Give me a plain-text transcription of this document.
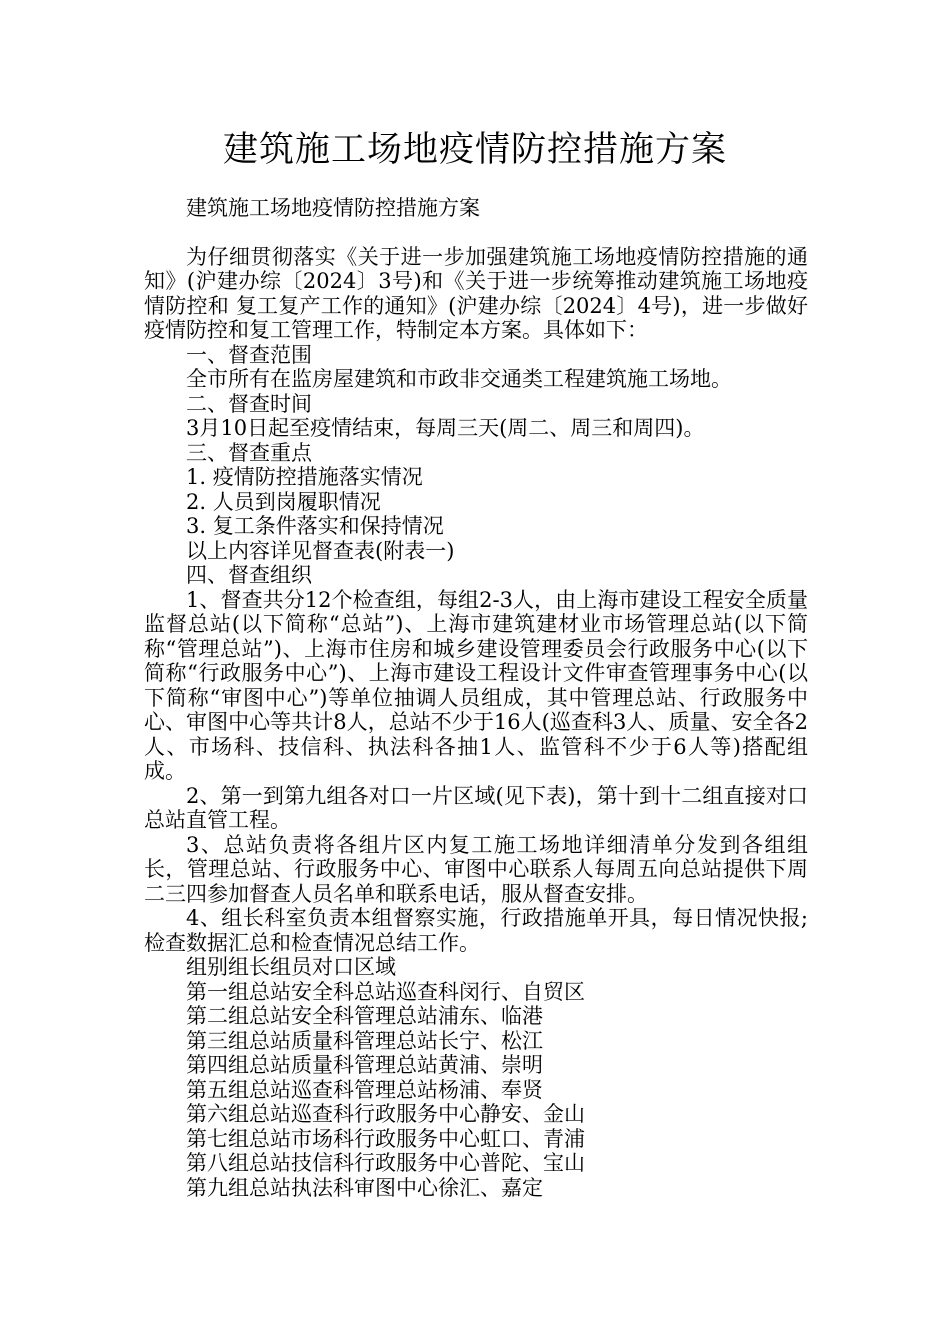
建筑施工场地疫情防控措施方案

建筑施工场地疫情防控措施方案

为仔细贯彻落实《关于进一步加强建筑施工场地疫情防控措施的通知》(沪建办综〔2024〕3号)和《关于进一步统筹推动建筑施工场地疫情防控和 复工复产工作的通知》(沪建办综〔2024〕4号)，进一步做好疫情防控和复工管理工作，特制定本方案。具体如下：

一、督查范围

全市所有在监房屋建筑和市政非交通类工程建筑施工场地。

二、督查时间

3月10日起至疫情结束，每周三天(周二、周三和周四)。

三、督查重点

1. 疫情防控措施落实情况

2. 人员到岗履职情况

3. 复工条件落实和保持情况

以上内容详见督查表(附表一)

四、督查组织

1、督查共分12个检查组，每组2-3人，由上海市建设工程安全质量监督总站(以下简称“总站”)、上海市建筑建材业市场管理总站(以下简称“管理总站”)、上海市住房和城乡建设管理委员会行政服务中心(以下简称“行政服务中心”)、上海市建设工程设计文件审查管理事务中心(以下简称“审图中心”)等单位抽调人员组成，其中管理总站、行政服务中心、审图中心等共计8人，总站不少于16人(巡查科3人、质量、安全各2人、市场科、技信科、执法科各抽1人、监管科不少于6人等)搭配组成。

2、第一到第九组各对口一片区域(见下表)，第十到十二组直接对口总站直管工程。

3、总站负责将各组片区内复工施工场地详细清单分发到各组组长，管理总站、行政服务中心、审图中心联系人每周五向总站提供下周二三四参加督查人员名单和联系电话，服从督查安排。

4、组长科室负责本组督察实施，行政措施单开具，每日情况快报;检查数据汇总和检查情况总结工作。

组别组长组员对口区域

第一组总站安全科总站巡查科闵行、自贸区

第二组总站安全科管理总站浦东、临港

第三组总站质量科管理总站长宁、松江

第四组总站质量科管理总站黄浦、崇明

第五组总站巡查科管理总站杨浦、奉贤

第六组总站巡查科行政服务中心静安、金山

第七组总站市场科行政服务中心虹口、青浦

第八组总站技信科行政服务中心普陀、宝山

第九组总站执法科审图中心徐汇、嘉定
